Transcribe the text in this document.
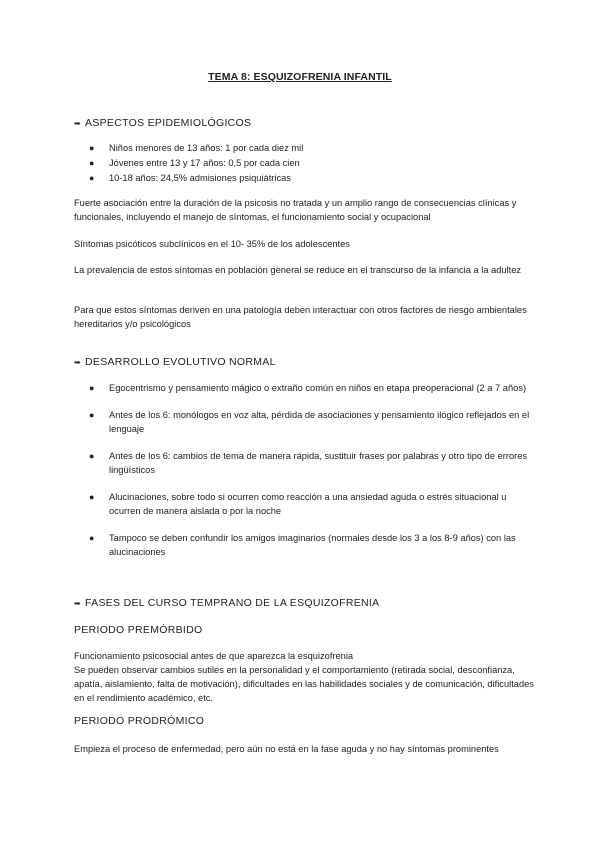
TEMA 8: ESQUIZOFRENIA INFANTIL
➥ ASPECTOS EPIDEMIOLÓGICOS
● Niños menores de 13 años: 1 por cada diez mil
● Jóvenes entre 13 y 17 años: 0,5 por cada cien
● 10-18 años: 24,5% admisiones psiquiátricas
Fuerte asociación entre la duración de la psicosis no tratada y un amplio rango de consecuencias clínicas y funcionales, incluyendo el manejo de síntomas, el funcionamiento social y ocupacional
Síntomas psicóticos subclínicos en el 10- 35% de los adolescentes
La prevalencia de estos síntomas en población general se reduce en el transcurso de la infancia a la adultez
Para que estos síntomas deriven en una patología deben interactuar con otros factores de riesgo ambientales hereditarios y/o psicológicos
➥ DESARROLLO EVOLUTIVO NORMAL
● Egocentrismo y pensamiento mágico o extraño común en niños en etapa preoperacional (2 a 7 años)
● Antes de los 6: monólogos en voz alta, pérdida de asociaciones y pensamiento ilógico reflejados en el lenguaje
● Antes de los 6: cambios de tema de manera rápida, sustituir frases por palabras y otro tipo de errores lingüísticos
● Alucinaciones, sobre todo si ocurren como reacción a una ansiedad aguda o estrés situacional u ocurren de manera aislada o por la noche
● Tampoco se deben confundir los amigos imaginarios (normales desde los 3 a los 8-9 años) con las alucinaciones
➥ FASES DEL CURSO TEMPRANO DE LA ESQUIZOFRENIA
PERIODO PREMÓRBIDO
Funcionamiento psicosocial antes de que aparezca la esquizofrenia
Se pueden observar cambios sutiles en la personalidad y el comportamiento (retirada social, desconfianza, apatía, aislamiento, falta de motivación), dificultades en las habilidades sociales y de comunicación, dificultades en el rendimiento académico, etc.
PERIODO PRODRÓMICO
Empieza el proceso de enfermedad, pero aún no está en la fase aguda y no hay síntomas prominentes
